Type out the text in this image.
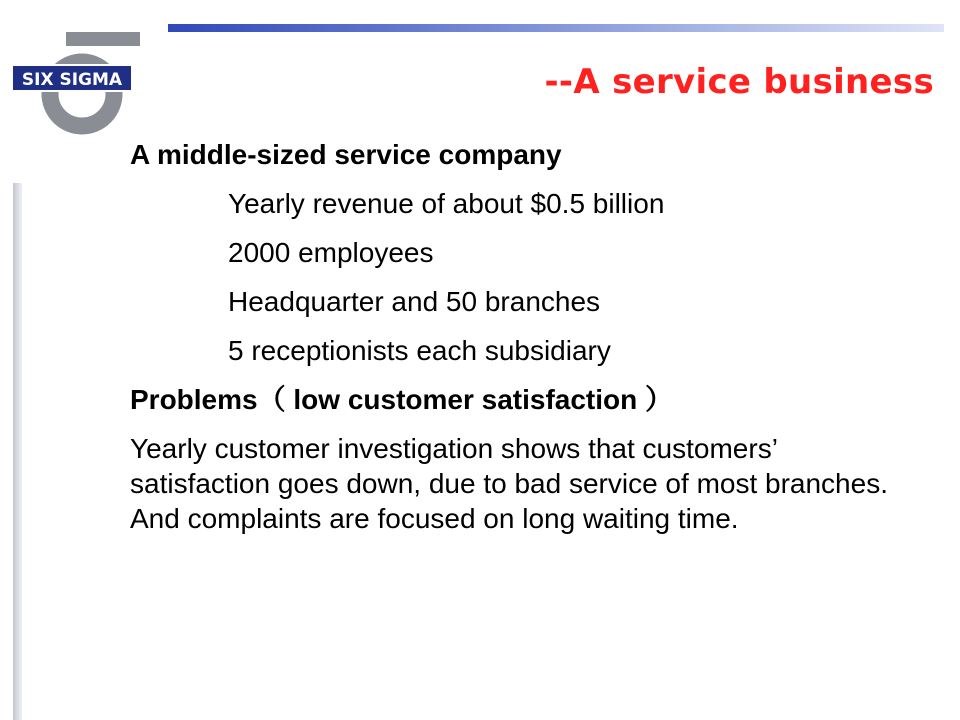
SIX SIGMA	--A service business
A middle-sized service company
Yearly revenue of about $0.5 billion
2000 employees
Headquarter and 50 branches
5 receptionists each subsidiary
Problems（ low customer satisfaction ）
Yearly customer investigation shows that customers’ satisfaction goes down, due to bad service of most branches. And complaints are focused on long waiting time.
